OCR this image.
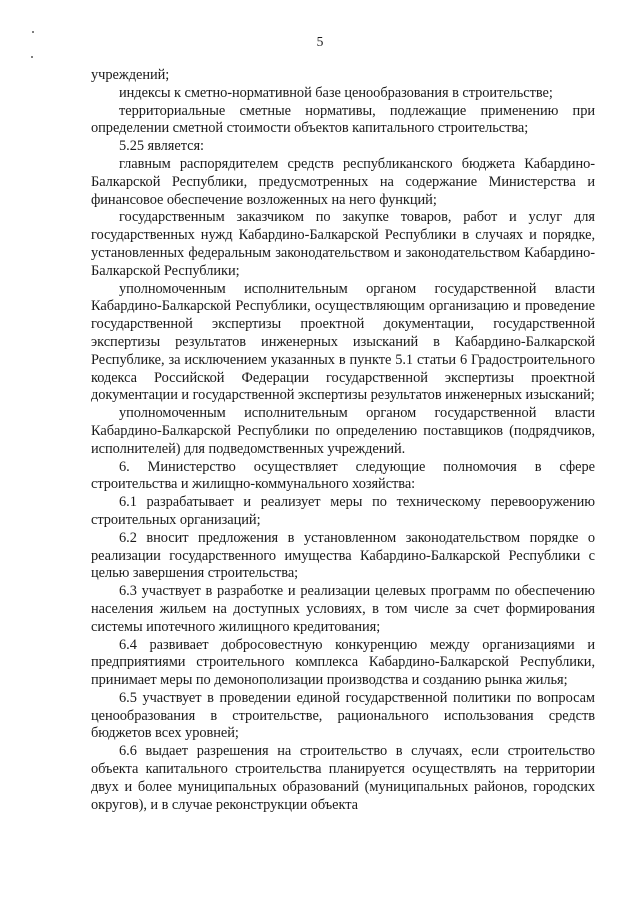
5

учреждений;

индексы к сметно-нормативной базе ценообразования в строительстве;

территориальные сметные нормативы, подлежащие применению при определении сметной стоимости объектов капитального строительства;

5.25 является:

главным распорядителем средств республиканского бюджета Кабардино-Балкарской Республики, предусмотренных на содержание Министерства и финансовое обеспечение возложенных на него функций;

государственным заказчиком по закупке товаров, работ и услуг для государственных нужд Кабардино-Балкарской Республики в случаях и порядке, установленных федеральным законодательством и законодательством Кабардино-Балкарской Республики;

уполномоченным исполнительным органом государственной власти Кабардино-Балкарской Республики, осуществляющим организацию и проведение государственной экспертизы проектной документации, государственной экспертизы результатов инженерных изысканий в Кабардино-Балкарской Республике, за исключением указанных в пункте 5.1 статьи 6 Градостроительного кодекса Российской Федерации государственной экспертизы проектной документации и государственной экспертизы результатов инженерных изысканий;

уполномоченным исполнительным органом государственной власти Кабардино-Балкарской Республики по определению поставщиков (подрядчиков, исполнителей) для подведомственных учреждений.

6. Министерство осуществляет следующие полномочия в сфере строительства и жилищно-коммунального хозяйства:

6.1 разрабатывает и реализует меры по техническому перевооружению строительных организаций;

6.2 вносит предложения в установленном законодательством порядке о реализации государственного имущества Кабардино-Балкарской Республики с целью завершения строительства;

6.3 участвует в разработке и реализации целевых программ по обеспечению населения жильем на доступных условиях, в том числе за счет формирования системы ипотечного жилищного кредитования;

6.4 развивает добросовестную конкуренцию между организациями и предприятиями строительного комплекса Кабардино-Балкарской Республики, принимает меры по демонополизации производства и созданию рынка жилья;

6.5 участвует в проведении единой государственной политики по вопросам ценообразования в строительстве, рационального использования средств бюджетов всех уровней;

6.6 выдает разрешения на строительство в случаях, если строительство объекта капитального строительства планируется осуществлять на территории двух и более муниципальных образований (муниципальных районов, городских округов), и в случае реконструкции объекта
